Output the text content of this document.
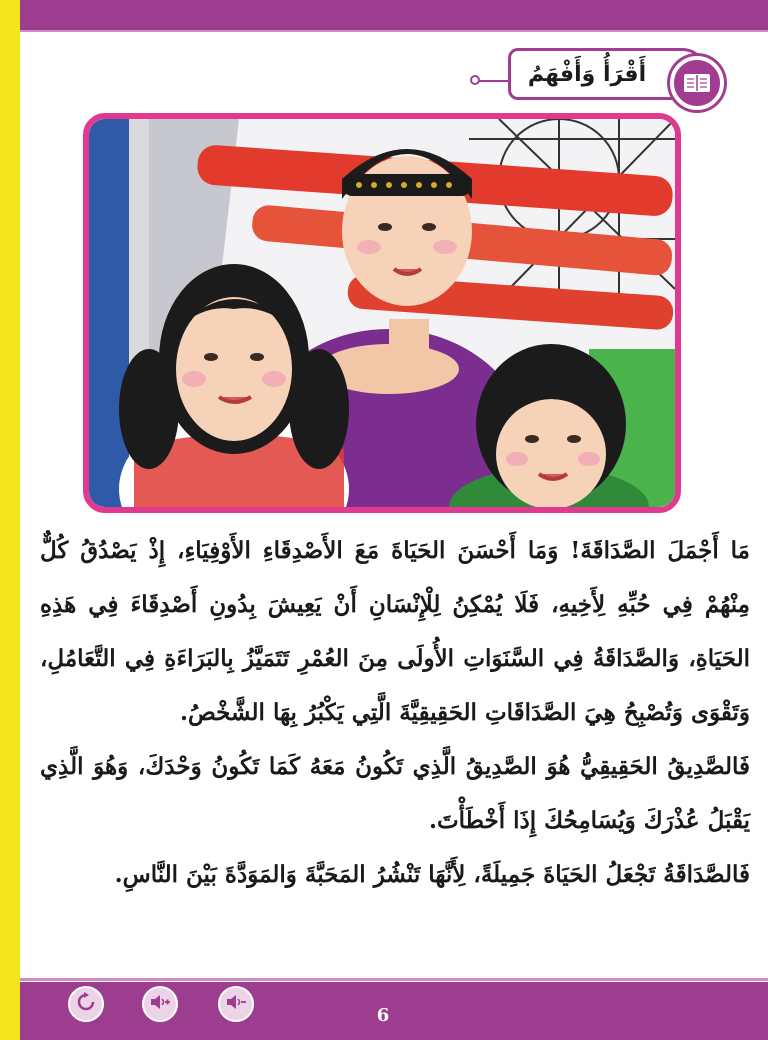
أَقْرَأُ وَأَفْهَمُ

مَا أَجْمَلَ الصَّدَاقَةَ! وَمَا أَحْسَنَ الحَيَاةَ مَعَ الأَصْدِقَاءِ الأَوْفِيَاءِ، إِذْ يَصْدُقُ كُلٌّ مِنْهُمْ فِي حُبِّهِ لِأَخِيهِ، فَلَا يُمْكِنُ لِلْإِنْسَانِ أَنْ يَعِيشَ بِدُونِ أَصْدِقَاءَ فِي هَذِهِ الحَيَاةِ، وَالصَّدَاقَةُ فِي السَّنَوَاتِ الأُولَى مِنَ العُمْرِ تَتَمَيَّزُ بِالبَرَاءَةِ فِي التَّعَامُلِ، وَتَقْوَى وَتُصْبِحُ هِيَ الصَّدَاقَاتِ الحَقِيقِيَّةَ الَّتِي يَكْبُرُ بِهَا الشَّخْصُ.

فَالصَّدِيقُ الحَقِيقِيُّ هُوَ الصَّدِيقُ الَّذِي تَكُونُ مَعَهُ كَمَا تَكُونُ وَحْدَكَ، وَهُوَ الَّذِي يَقْبَلُ عُذْرَكَ وَيُسَامِحُكَ إِذَا أَخْطَأْتَ.

فَالصَّدَاقَةُ تَجْعَلُ الحَيَاةَ جَمِيلَةً، لِأَنَّهَا تَنْشُرُ المَحَبَّةَ وَالمَوَدَّةَ بَيْنَ النَّاسِ.

6
